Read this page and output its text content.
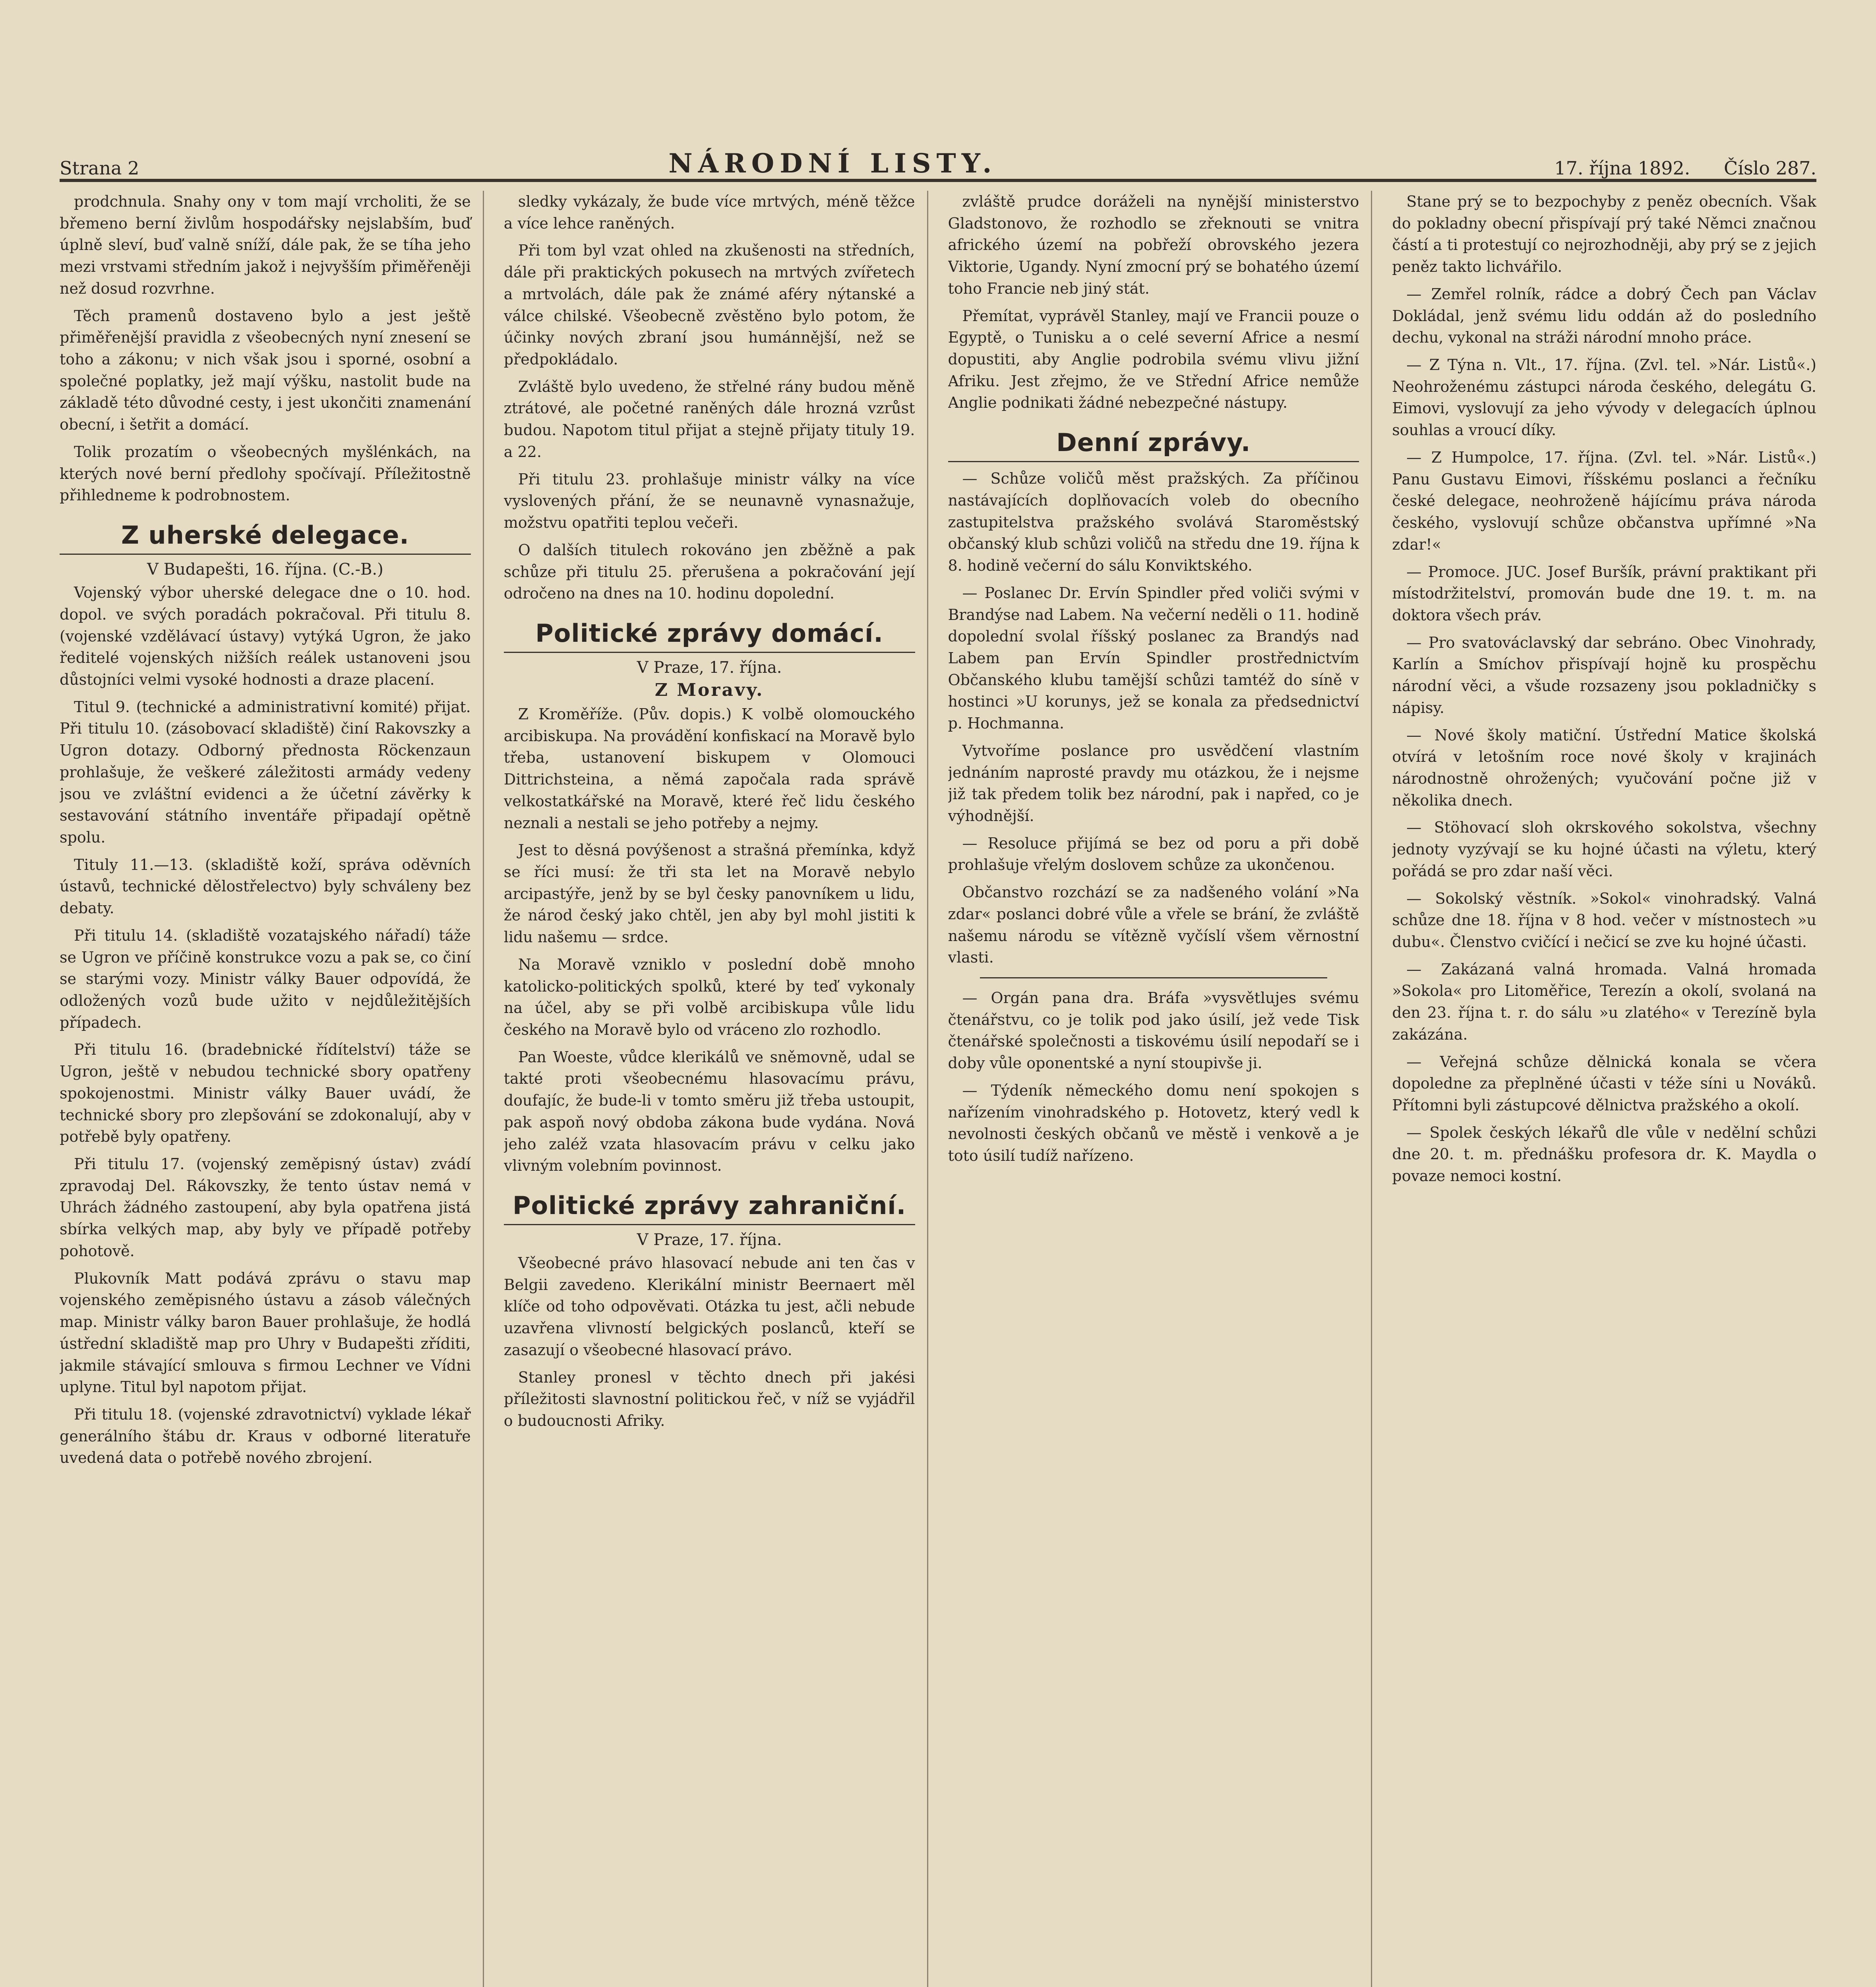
Strana 2	NÁRODNÍ LISTY.	17. října 1892. Číslo 287.

prodchnula. Snahy ony v tom mají vrcholiti, že se břemeno berní živlům hospodářsky nejslabším, buď úplně sleví, buď valně sníží, dále pak, že se tíha jeho mezi vrstvami středním jakož i nejvyšším přiměřeněji než dosud rozvrhne.

Těch pramenů dostaveno bylo a jest ještě přiměřenější pravidla z všeobecných nyní znesení se toho a zákonu; v nich však jsou i sporné, osobní a společné poplatky, jež mají výšku, nastolit bude na základě této důvodné cesty, i jest ukončiti znamenání obecní, i šetřit a domácí.

Tolik prozatím o všeobecných myšlénkách, na kterých nové berní předlohy spočívají. Příležitostně přihledneme k podrobnostem.

Z uherské delegace.
V Budapešti, 16. října. (C.-B.)

Vojenský výbor uherské delegace dne o 10. hod. dopol. ve svých poradách pokračoval. Při titulu 8. (vojenské vzdělávací ústavy) vytýká Ugron, že jako ředitelé vojenských nižších reálek ustanoveni jsou důstojníci velmi vysoké hodnosti a draze placení.

Titul 9. (technické a administrativní komité) přijat. Při titulu 10. (zásobovací skladiště) činí Rakovszky a Ugron dotazy. Odborný přednosta Röckenzaun prohlašuje, že veškeré záležitosti armády vedeny jsou ve zvláštní evidenci a že účetní závěrky k sestavování státního inventáře připadají opětně spolu.

Tituly 11.—13. (skladiště koží, správa oděvních ústavů, technické dělostřelectvo) byly schváleny bez debaty.

Při titulu 14. (skladiště vozatajského nářadí) táže se Ugron ve příčině konstrukce vozu a pak se, co činí se starými vozy. Ministr války Bauer odpovídá, že odložených vozů bude užito v nejdůležitějších případech.

Při titulu 16. (bradebnické řídítelství) táže se Ugron, ještě v nebudou technické sbory opatřeny spokojenostmi. Ministr války Bauer uvádí, že technické sbory pro zlepšování se zdokonalují, aby v potřebě byly opatřeny.

Při titulu 17. (vojenský zeměpisný ústav) zvádí zpravodaj Del. Rákovszky, že tento ústav nemá v Uhrách žádného zastoupení, aby byla opatřena jistá sbírka velkých map, aby byly ve případě potřeby pohotově.

Plukovník Matt podává zprávu o stavu map vojenského zeměpisného ústavu a zásob válečných map. Ministr války baron Bauer prohlašuje, že hodlá ústřední skladiště map pro Uhry v Budapešti zříditi, jakmile stávající smlouva s firmou Lechner ve Vídni uplyne. Titul byl napotom přijat.

Při titulu 18. (vojenské zdravotnictví) vyklade lékař generálního štábu dr. Kraus v odborné literatuře uvedená data o potřebě nového zbrojení.

sledky vykázaly, že bude více mrtvých, méně těžce a více lehce raněných.

Při tom byl vzat ohled na zkušenosti na středních, dále při praktických pokusech na mrtvých zvířetech a mrtvolách, dále pak že známé aféry nýtanské a válce chilské. Všeobecně zvěstěno bylo potom, že účinky nových zbraní jsou humánnější, než se předpokládalo.

Zvláště bylo uvedeno, že střelné rány budou měně ztrátové, ale početné raněných dále hrozná vzrůst budou. Napotom titul přijat a stejně přijaty tituly 19. a 22.

Při titulu 23. prohlašuje ministr války na více vyslovených přání, že se neunavně vynasnažuje, možstvu opatřiti teplou večeři.

O dalších titulech rokováno jen zběžně a pak schůze při titulu 25. přerušena a pokračování její odročeno na dnes na 10. hodinu dopolední.

Politické zprávy domácí.
V Praze, 17. října.
Z Moravy.

Z Kroměříže. (Pův. dopis.) K volbě olomouckého arcibiskupa. Na provádění konfiskací na Moravě bylo třeba, ustanovení biskupem v Olomouci Dittrichsteina, a němá započala rada správě velkostatkářské na Moravě, které řeč lidu českého neznali a nestali se jeho potřeby a nejmy.

Jest to děsná povýšenost a strašná přemínka, když se říci musí: že tři sta let na Moravě nebylo arcipastýře, jenž by se byl česky panovníkem u lidu, že národ český jako chtěl, jen aby byl mohl jistiti k lidu našemu — srdce.

Na Moravě vzniklo v poslední době mnoho katolicko-politických spolků, které by teď vykonaly na účel, aby se při volbě arcibiskupa vůle lidu českého na Moravě bylo od vráceno zlo rozhodlo.

Pan Woeste, vůdce klerikálů ve sněmovně, udal se takté proti všeobecnému hlasovacímu právu, doufajíc, že bude-li v tomto směru již třeba ustoupit, pak aspoň nový obdoba zákona bude vydána. Nová jeho zaléž vzata hlasovacím právu v celku jako vlivným volebním povinnost.

Politické zprávy zahraniční.
V Praze, 17. října.

Všeobecné právo hlasovací nebude ani ten čas v Belgii zavedeno. Klerikální ministr Beernaert měl klíče od toho odpověvati. Otázka tu jest, ačli nebude uzavřena vlivností belgických poslanců, kteří se zasazují o všeobecné hlasovací právo.

Stanley pronesl v těchto dnech při jakési příležitosti slavnostní politickou řeč, v níž se vyjádřil o budoucnosti Afriky.

zvláště prudce doráželi na nynější ministerstvo Gladstonovo, že rozhodlo se zřeknouti se vnitra afrického území na pobřeží obrovského jezera Viktorie, Ugandy. Nyní zmocní prý se bohatého území toho Francie neb jiný stát.

Přemítat, vyprávěl Stanley, mají ve Francii pouze o Egyptě, o Tunisku a o celé severní Africe a nesmí dopustiti, aby Anglie podrobila svému vlivu jižní Afriku. Jest zřejmo, že ve Střední Africe nemůže Anglie podnikati žádné nebezpečné nástupy.

Denní zprávy.

— Schůze voličů měst pražských. Za příčinou nastávajících doplňovacích voleb do obecního zastupitelstva pražského svolává Staroměstský občanský klub schůzi voličů na středu dne 19. října k 8. hodině večerní do sálu Konviktského.

— Poslanec Dr. Ervín Spindler před voliči svými v Brandýse nad Labem. Na večerní neděli o 11. hodině dopolední svolal říšský poslanec za Brandýs nad Labem pan Ervín Spindler prostřednictvím Občanského klubu tamější schůzi tamtéž do síně v hostinci »U korunys, jež se konala za předsednictví p. Hochmanna.

Vytvoříme poslance pro usvědčení vlastním jednáním naprosté pravdy mu otázkou, že i nejsme již tak předem tolik bez národní, pak i napřed, co je výhodnější.

— Resoluce přijímá se bez od poru a při době prohlašuje vřelým doslovem schůze za ukončenou.

Občanstvo rozchází se za nadšeného volání »Na zdar« poslanci dobré vůle a vřele se brání, že zvláště našemu národu se vítězně vyčíslí všem věrnostní vlasti.

— Orgán pana dra. Bráfa »vysvětlujes svému čtenářstvu, co je tolik pod jako úsilí, jež vede Tisk čtenářské společnosti a tiskovému úsilí nepodaří se i doby vůle oponentské a nyní stoupivše ji.

— Týdeník německého domu není spokojen s nařízením vinohradského p. Hotovetz, který vedl k nevolnosti českých občanů ve městě i venkově a je toto úsilí tudíž nařízeno.

Stane prý se to bezpochyby z peněz obecních. Však do pokladny obecní přispívají prý také Němci značnou částí a ti protestují co nejrozhodněji, aby prý se z jejich peněz takto lichvářilo.

— Zemřel rolník, rádce a dobrý Čech pan Václav Dokládal, jenž svému lidu oddán až do posledního dechu, vykonal na stráži národní mnoho práce.

— Z Týna n. Vlt., 17. října. (Zvl. tel. »Nár. Listů«.) Neohroženému zástupci národa českého, delegátu G. Eimovi, vyslovují za jeho vývody v delegacích úplnou souhlas a vroucí díky.

— Z Humpolce, 17. října. (Zvl. tel. »Nár. Listů«.) Panu Gustavu Eimovi, říšskému poslanci a řečníku české delegace, neohroženě hájícímu práva národa českého, vyslovují schůze občanstva upřímné »Na zdar!«

— Promoce. JUC. Josef Buršík, právní praktikant při místodržitelství, promován bude dne 19. t. m. na doktora všech práv.

— Pro svatováclavský dar sebráno. Obec Vinohrady, Karlín a Smíchov přispívají hojně ku prospěchu národní věci, a všude rozsazeny jsou pokladničky s nápisy.

— Nové školy matiční. Ústřední Matice školská otvírá v letošním roce nové školy v krajinách národnostně ohrožených; vyučování počne již v několika dnech.

— Stöhovací sloh okrskového sokolstva, všechny jednoty vyzývají se ku hojné účasti na výletu, který pořádá se pro zdar naší věci.

— Sokolský věstník. »Sokol« vinohradský. Valná schůze dne 18. října v 8 hod. večer v místnostech »u dubu«. Členstvo cvičící i nečicí se zve ku hojné účasti.

— Zakázaná valná hromada. Valná hromada »Sokola« pro Litoměřice, Terezín a okolí, svolaná na den 23. října t. r. do sálu »u zlatého« v Terezíně byla zakázána.

— Veřejná schůze dělnická konala se včera dopoledne za přeplněné účasti v téže síni u Nováků. Přítomni byli zástupcové dělnictva pražského a okolí.

— Spolek českých lékařů dle vůle v nedělní schůzi dne 20. t. m. přednášku profesora dr. K. Maydla o povaze nemoci kostní.
